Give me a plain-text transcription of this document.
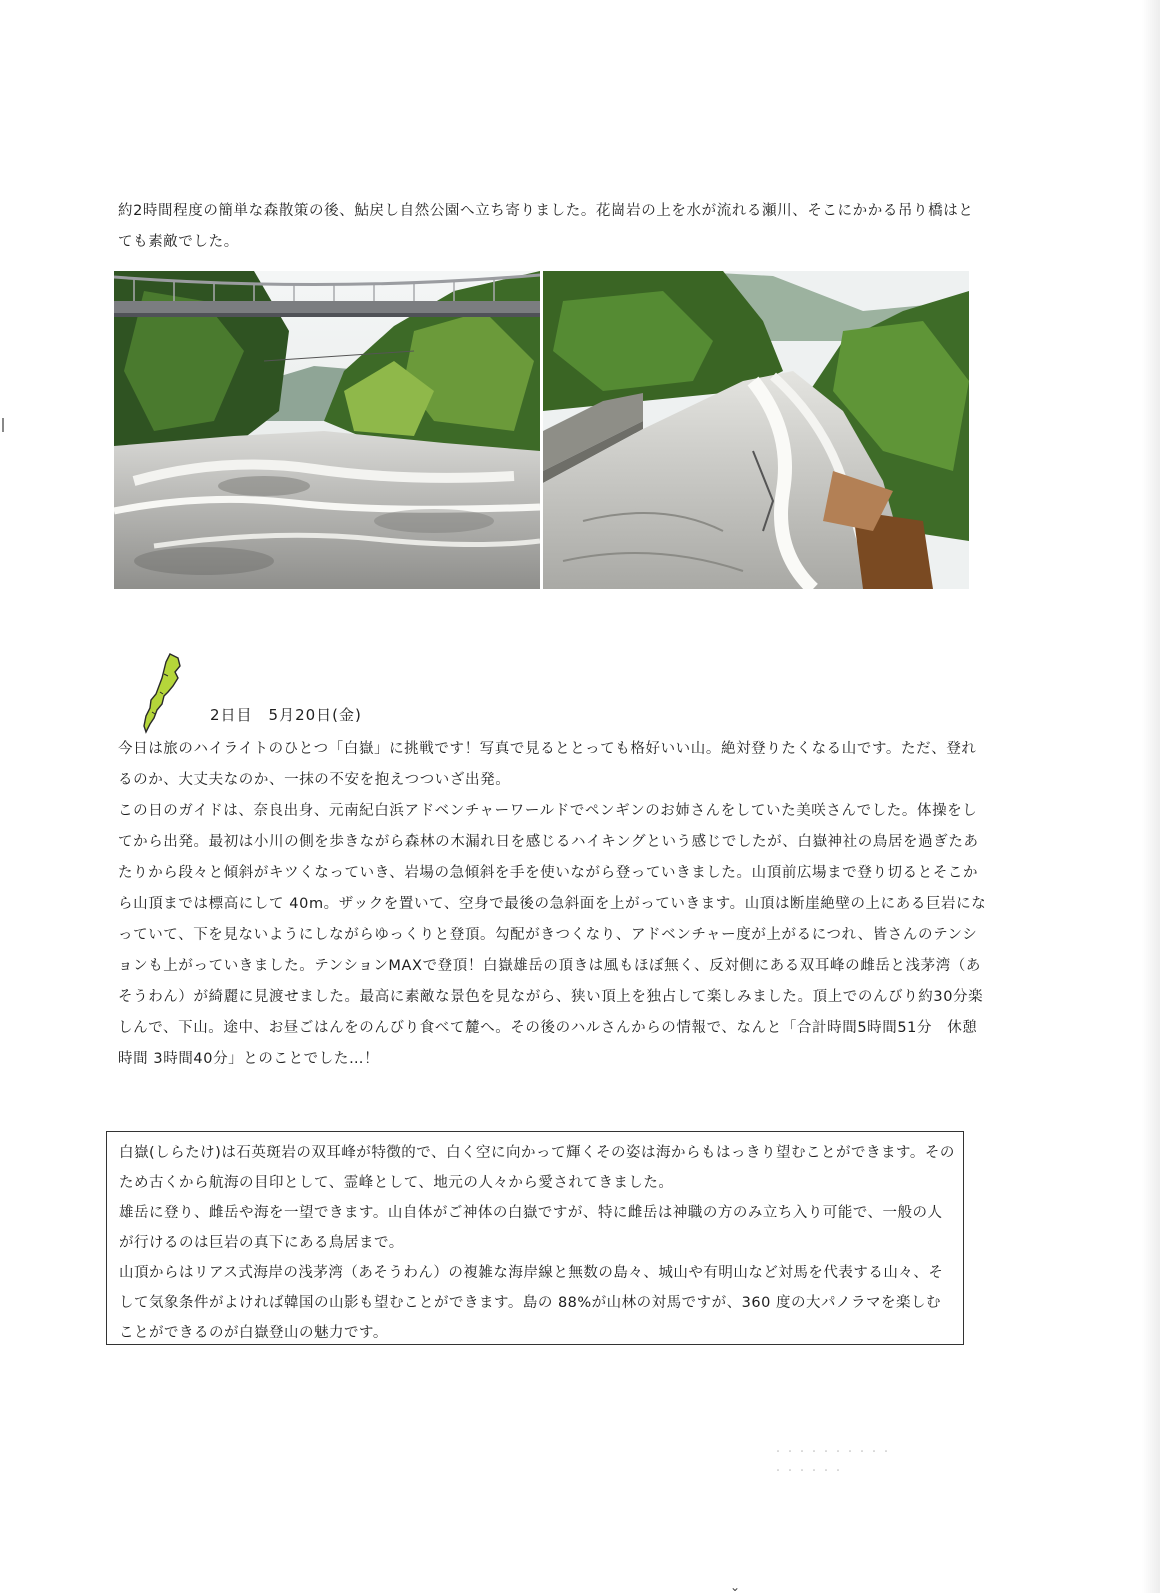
約2時間程度の簡単な森散策の後、鮎戻し自然公園へ立ち寄りました。花崗岩の上を水が流れる瀬川、そこにかかる吊り橋はとても素敵でした。

2日目　5月20日(金)

今日は旅のハイライトのひとつ「白嶽」に挑戦です！写真で見るととっても格好いい山。絶対登りたくなる山です。ただ、登れるのか、大丈夫なのか、一抹の不安を抱えつついざ出発。

この日のガイドは、奈良出身、元南紀白浜アドベンチャーワールドでペンギンのお姉さんをしていた美咲さんでした。体操をしてから出発。最初は小川の側を歩きながら森林の木漏れ日を感じるハイキングという感じでしたが、白嶽神社の鳥居を過ぎたあたりから段々と傾斜がキツくなっていき、岩場の急傾斜を手を使いながら登っていきました。山頂前広場まで登り切るとそこから山頂までは標高にして 40m。ザックを置いて、空身で最後の急斜面を上がっていきます。山頂は断崖絶壁の上にある巨岩になっていて、下を見ないようにしながらゆっくりと登頂。勾配がきつくなり、アドベンチャー度が上がるにつれ、皆さんのテンションも上がっていきました。テンションMAXで登頂！白嶽雄岳の頂きは風もほぼ無く、反対側にある双耳峰の雌岳と浅茅湾（あそうわん）が綺麗に見渡せました。最高に素敵な景色を見ながら、狭い頂上を独占して楽しみました。頂上でのんびり約30分楽しんで、下山。途中、お昼ごはんをのんびり食べて麓へ。その後のハルさんからの情報で、なんと「合計時間5時間51分　休憩時間 3時間40分」とのことでした…！

白嶽(しらたけ)は石英斑岩の双耳峰が特徴的で、白く空に向かって輝くその姿は海からもはっきり望むことができます。そのため古くから航海の目印として、霊峰として、地元の人々から愛されてきました。

雄岳に登り、雌岳や海を一望できます。山自体がご神体の白嶽ですが、特に雌岳は神職の方のみ立ち入り可能で、一般の人が行けるのは巨岩の真下にある鳥居まで。

山頂からはリアス式海岸の浅茅湾（あそうわん）の複雑な海岸線と無数の島々、城山や有明山など対馬を代表する山々、そして気象条件がよければ韓国の山影も望むことができます。島の 88%が山林の対馬ですが、360 度の大パノラマを楽しむことができるのが白嶽登山の魅力です。

・・・・・・・・・・
・・・・・・
⌄
